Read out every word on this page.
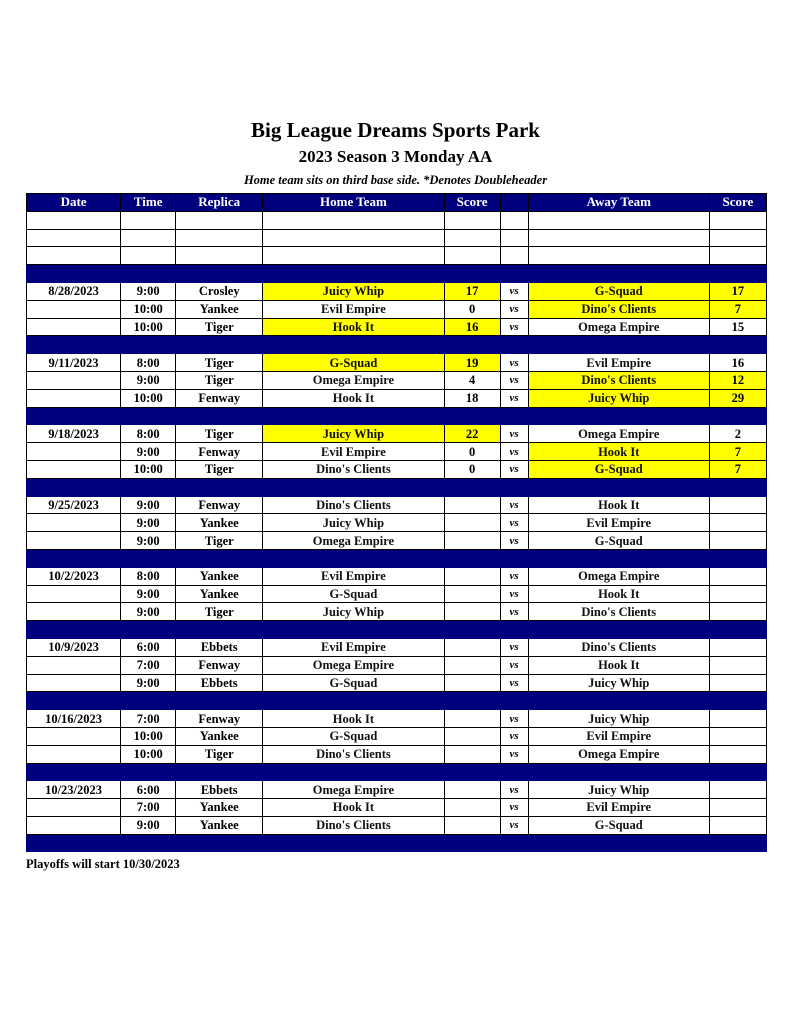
Big League Dreams Sports Park
2023 Season 3 Monday AA
Home team sits on third base side. *Denotes Doubleheader
Date	Time	Replica	Home Team	Score		Away Team	Score

8/28/2023	9:00	Crosley	Juicy Whip	17	vs	G-Squad	17
	10:00	Yankee	Evil Empire	0	vs	Dino's Clients	7
	10:00	Tiger	Hook It	16	vs	Omega Empire	15

9/11/2023	8:00	Tiger	G-Squad	19	vs	Evil Empire	16
	9:00	Tiger	Omega Empire	4	vs	Dino's Clients	12
	10:00	Fenway	Hook It	18	vs	Juicy Whip	29

9/18/2023	8:00	Tiger	Juicy Whip	22	vs	Omega Empire	2
	9:00	Fenway	Evil Empire	0	vs	Hook It	7
	10:00	Tiger	Dino's Clients	0	vs	G-Squad	7

9/25/2023	9:00	Fenway	Dino's Clients		vs	Hook It	
	9:00	Yankee	Juicy Whip		vs	Evil Empire	
	9:00	Tiger	Omega Empire		vs	G-Squad	

10/2/2023	8:00	Yankee	Evil Empire		vs	Omega Empire	
	9:00	Yankee	G-Squad		vs	Hook It	
	9:00	Tiger	Juicy Whip		vs	Dino's Clients	

10/9/2023	6:00	Ebbets	Evil Empire		vs	Dino's Clients	
	7:00	Fenway	Omega Empire		vs	Hook It	
	9:00	Ebbets	G-Squad		vs	Juicy Whip	

10/16/2023	7:00	Fenway	Hook It		vs	Juicy Whip	
	10:00	Yankee	G-Squad		vs	Evil Empire	
	10:00	Tiger	Dino's Clients		vs	Omega Empire	

10/23/2023	6:00	Ebbets	Omega Empire		vs	Juicy Whip	
	7:00	Yankee	Hook It		vs	Evil Empire	
	9:00	Yankee	Dino's Clients		vs	G-Squad	

Playoffs will start 10/30/2023
